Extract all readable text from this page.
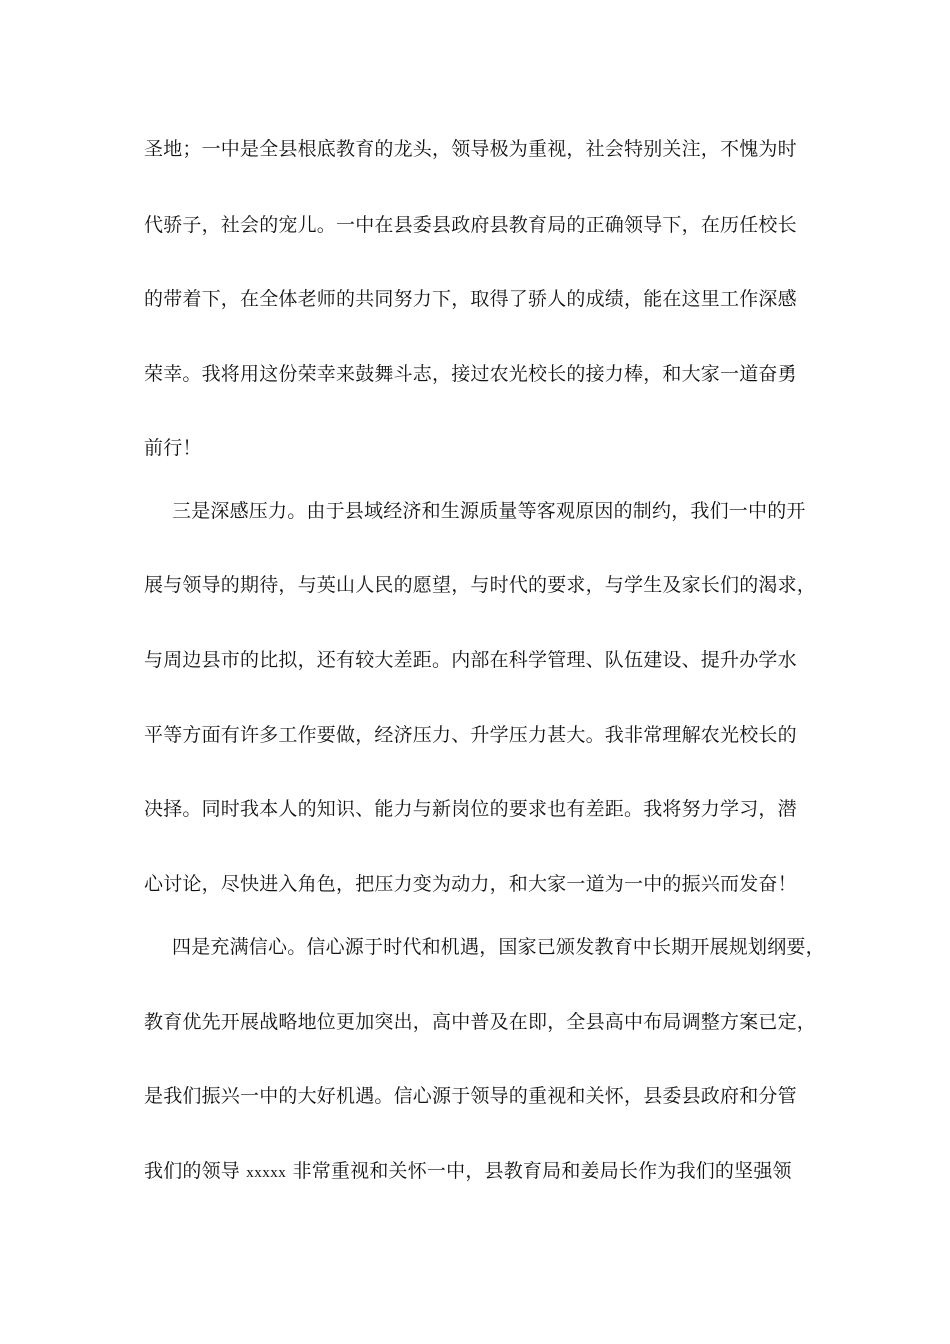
圣地；一中是全县根底教育的龙头，领导极为重视，社会特别关注，不愧为时
代骄子，社会的宠儿。一中在县委县政府县教育局的正确领导下，在历任校长
的带着下，在全体老师的共同努力下，取得了骄人的成绩，能在这里工作深感
荣幸。我将用这份荣幸来鼓舞斗志，接过农光校长的接力棒，和大家一道奋勇
前行！
三是深感压力。由于县域经济和生源质量等客观原因的制约，我们一中的开
展与领导的期待，与英山人民的愿望，与时代的要求，与学生及家长们的渴求，
与周边县市的比拟，还有较大差距。内部在科学管理、队伍建设、提升办学水
平等方面有许多工作要做，经济压力、升学压力甚大。我非常理解农光校长的
决择。同时我本人的知识、能力与新岗位的要求也有差距。我将努力学习，潜
心讨论，尽快进入角色，把压力变为动力，和大家一道为一中的振兴而发奋！
四是充满信心。信心源于时代和机遇，国家已颁发教育中长期开展规划纲要，
教育优先开展战略地位更加突出，高中普及在即，全县高中布局调整方案已定，
是我们振兴一中的大好机遇。信心源于领导的重视和关怀，县委县政府和分管
我们的领导 xxxxx 非常重视和关怀一中，县教育局和姜局长作为我们的坚强领
